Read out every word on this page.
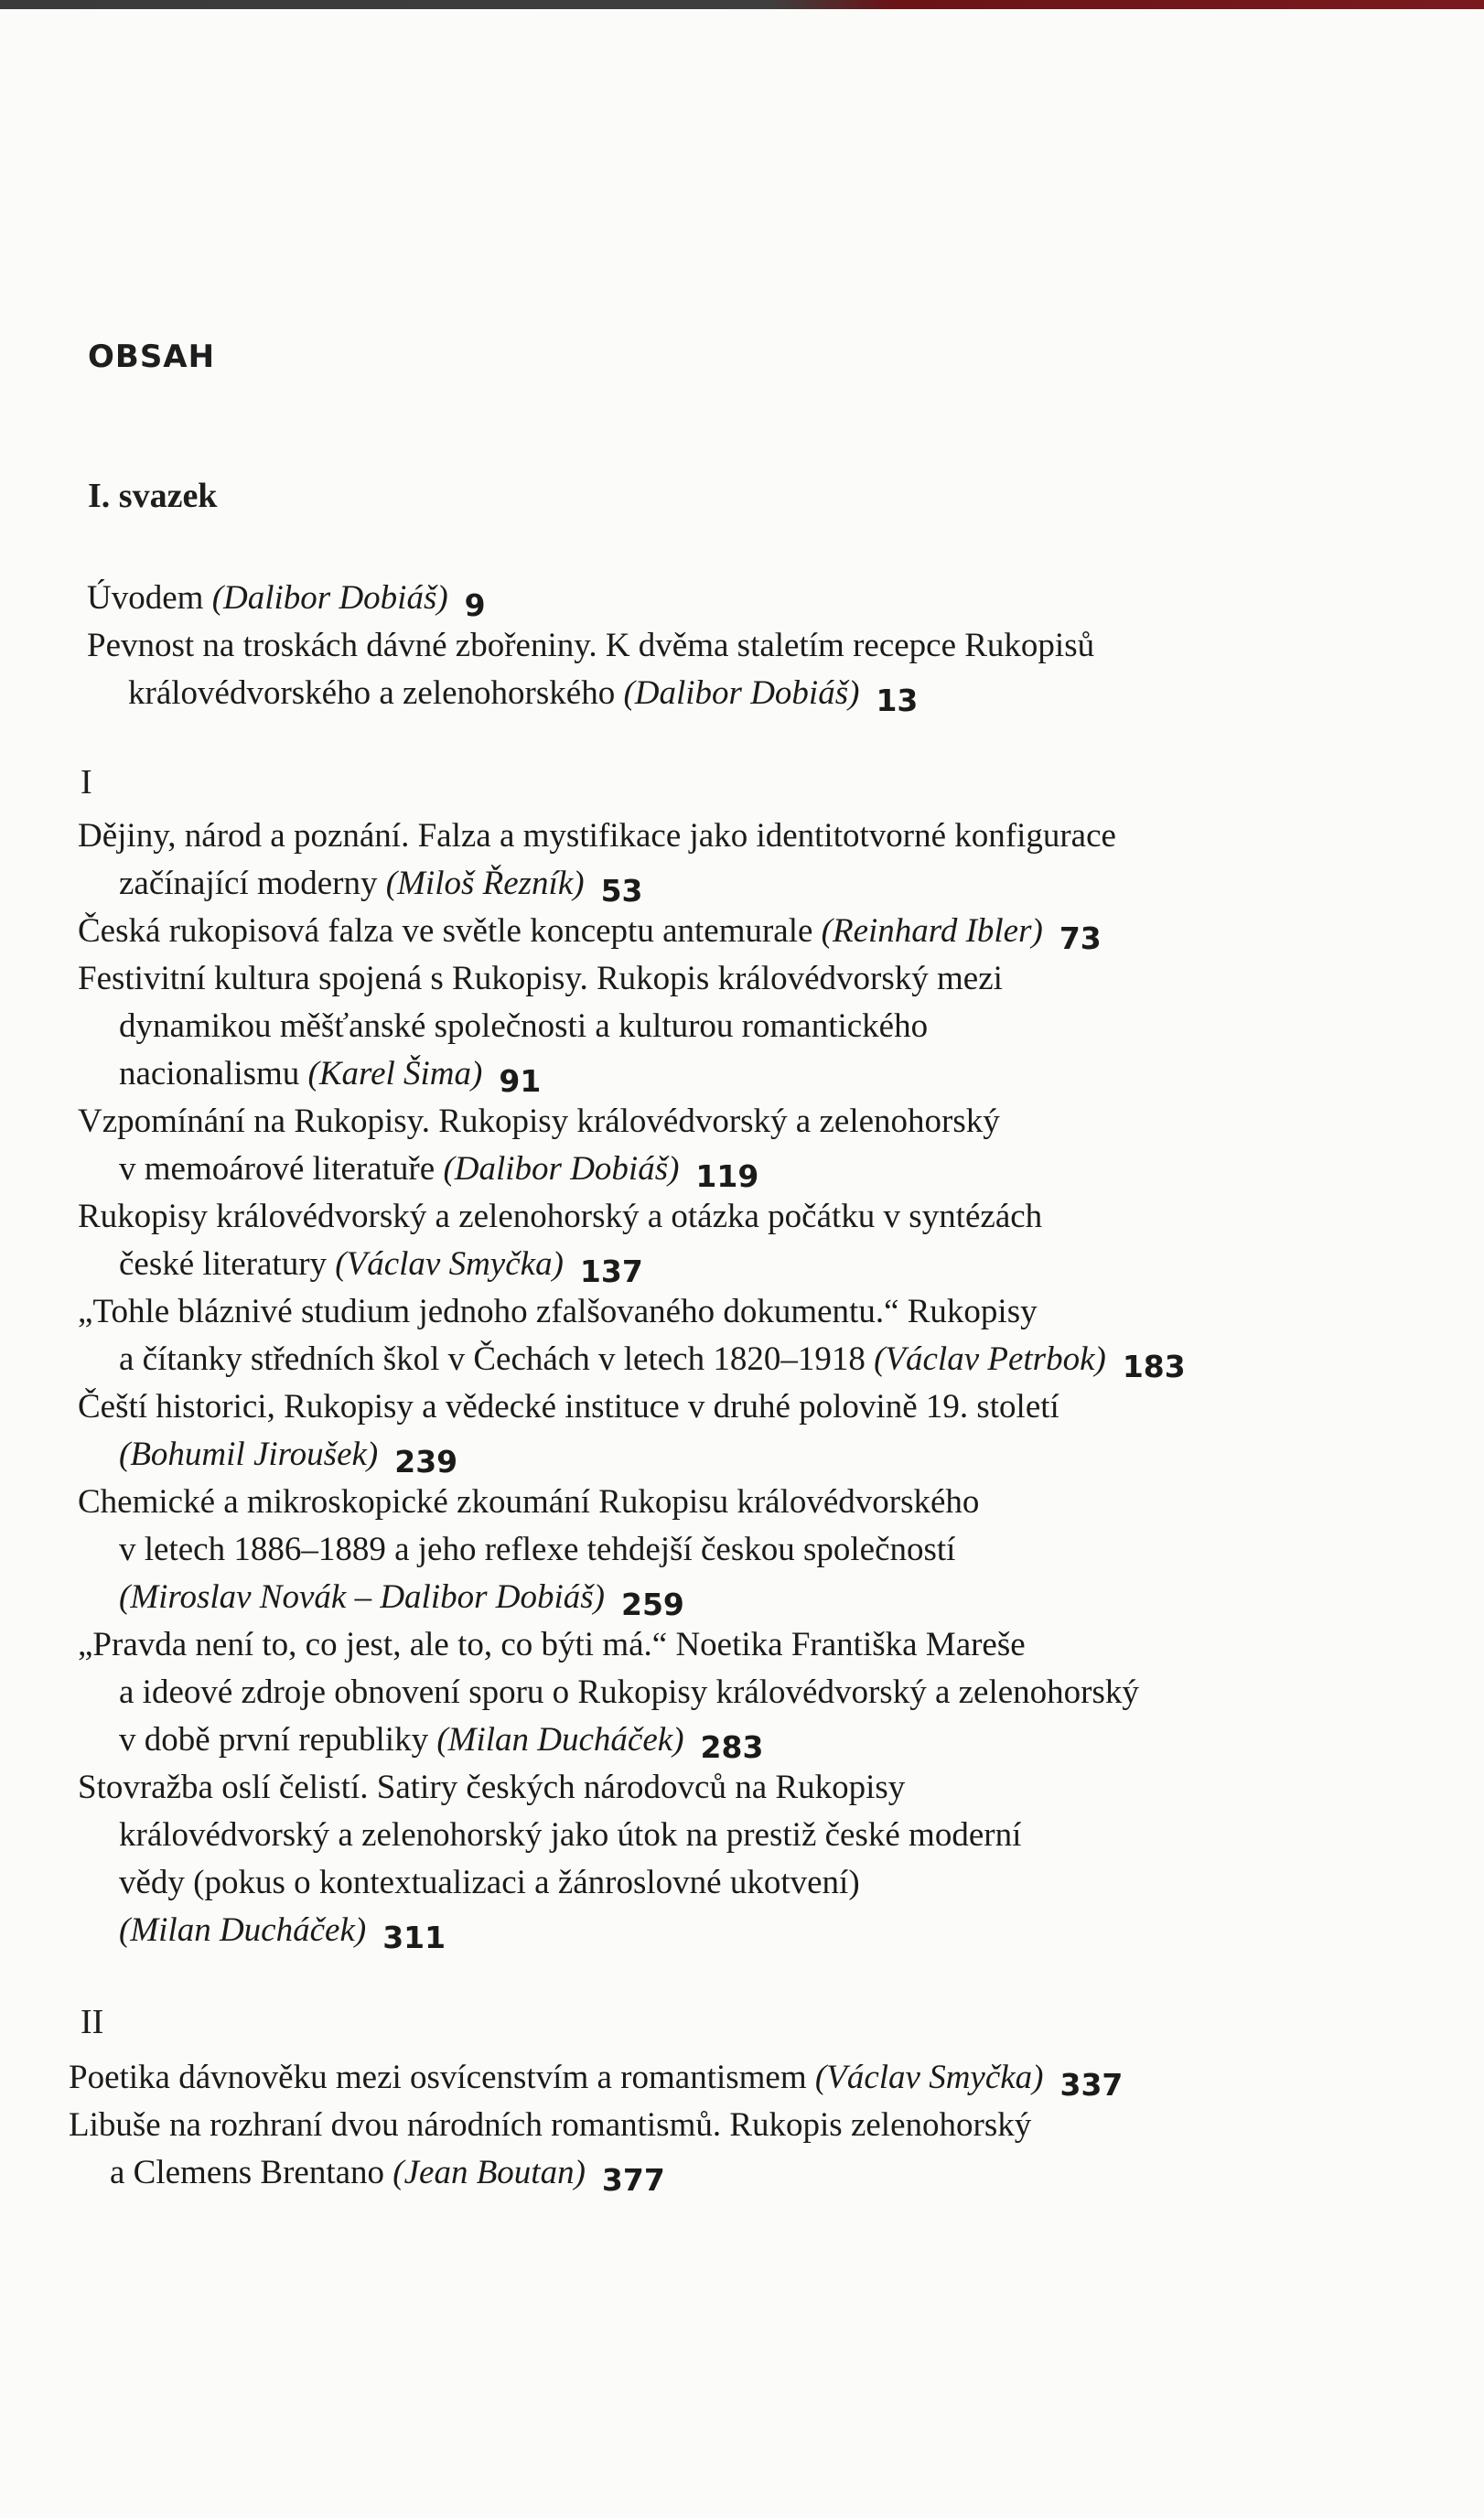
OBSAH
I. svazek
Úvodem (Dalibor Dobiáš) 9
Pevnost na troskách dávné zbořeniny. K dvěma staletím recepce Rukopisů
královédvorského a zelenohorského (Dalibor Dobiáš) 13
I
Dějiny, národ a poznání. Falza a mystifikace jako identitotvorné konfigurace
začínající moderny (Miloš Řezník) 53
Česká rukopisová falza ve světle konceptu antemurale (Reinhard Ibler) 73
Festivitní kultura spojená s Rukopisy. Rukopis královédvorský mezi
dynamikou měšťanské společnosti a kulturou romantického
nacionalismu (Karel Šima) 91
Vzpomínání na Rukopisy. Rukopisy královédvorský a zelenohorský
v memoárové literatuře (Dalibor Dobiáš) 119
Rukopisy královédvorský a zelenohorský a otázka počátku v syntézách
české literatury (Václav Smyčka) 137
„Tohle bláznivé studium jednoho zfalšovaného dokumentu.“ Rukopisy
a čítanky středních škol v Čechách v letech 1820–1918 (Václav Petrbok) 183
Čeští historici, Rukopisy a vědecké instituce v druhé polovině 19. století
(Bohumil Jiroušek) 239
Chemické a mikroskopické zkoumání Rukopisu královédvorského
v letech 1886–1889 a jeho reflexe tehdejší českou společností
(Miroslav Novák – Dalibor Dobiáš) 259
„Pravda není to, co jest, ale to, co býti má.“ Noetika Františka Mareše
a ideové zdroje obnovení sporu o Rukopisy královédvorský a zelenohorský
v době první republiky (Milan Ducháček) 283
Stovražba oslí čelistí. Satiry českých národovců na Rukopisy
královédvorský a zelenohorský jako útok na prestiž české moderní
vědy (pokus o kontextualizaci a žánroslovné ukotvení)
(Milan Ducháček) 311
II
Poetika dávnověku mezi osvícenstvím a romantismem (Václav Smyčka) 337
Libuše na rozhraní dvou národních romantismů. Rukopis zelenohorský
a Clemens Brentano (Jean Boutan) 377
